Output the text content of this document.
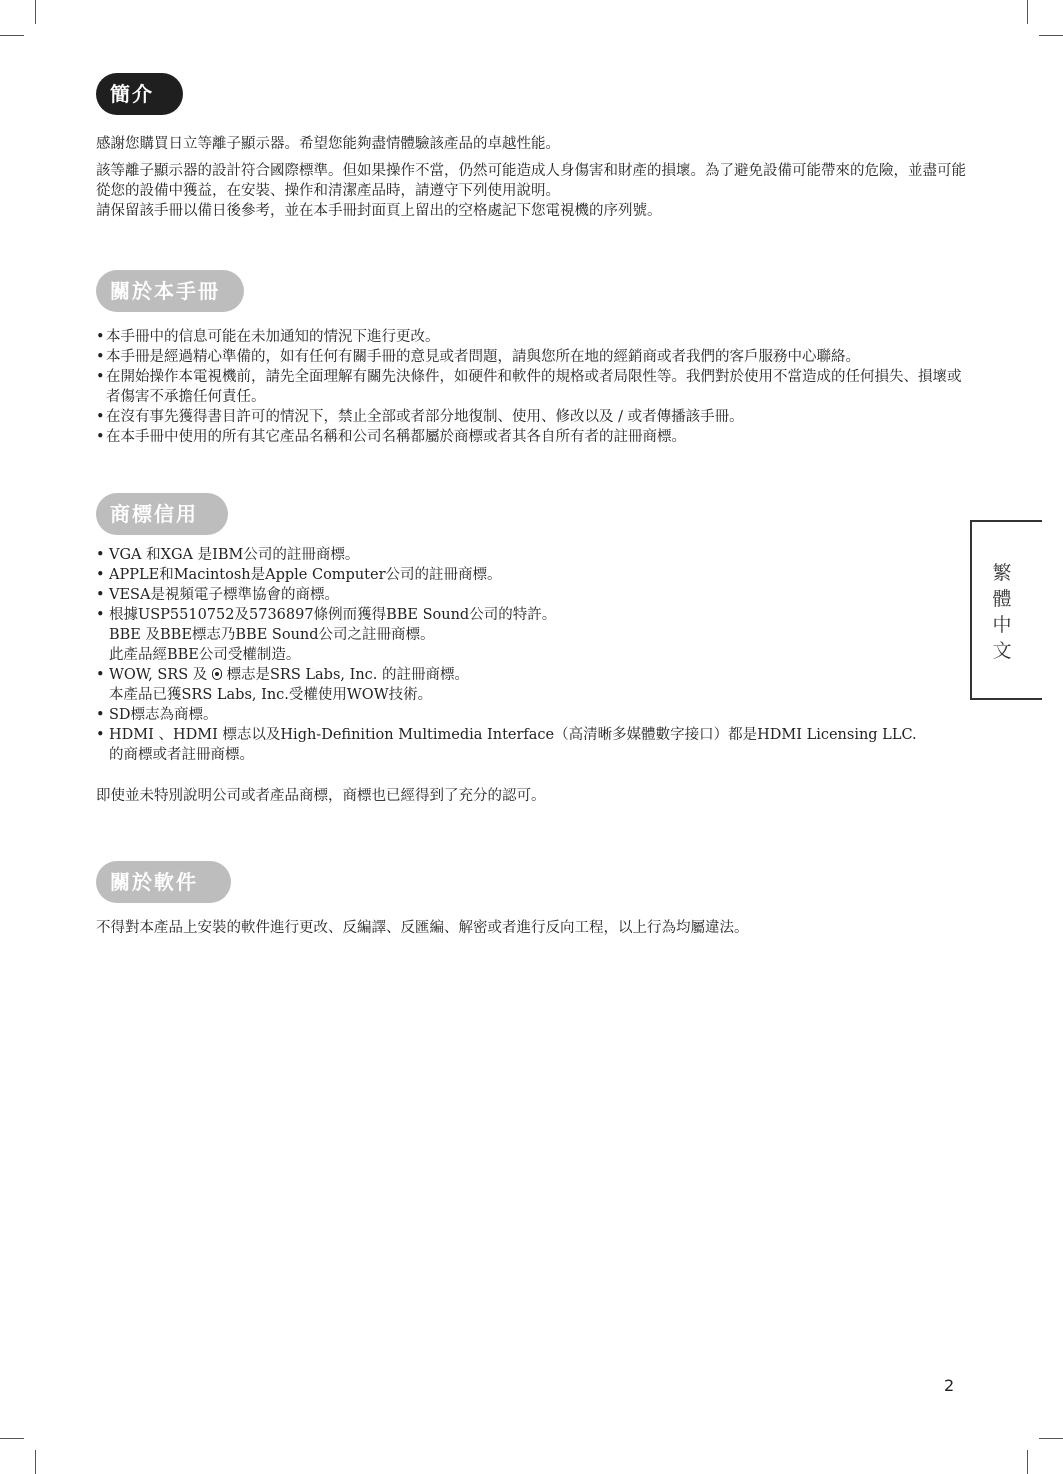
簡介

感謝您購買日立等離子顯示器。希望您能夠盡情體驗該產品的卓越性能。

該等離子顯示器的設計符合國際標準。但如果操作不當，仍然可能造成人身傷害和財產的損壞。為了避免設備可能帶來的危險，並盡可能從您的設備中獲益，在安裝、操作和清潔產品時，請遵守下列使用說明。

請保留該手冊以備日後參考，並在本手冊封面頁上留出的空格處記下您電視機的序列號。

關於本手冊
• 本手冊中的信息可能在未加通知的情況下進行更改。
• 本手冊是經過精心準備的，如有任何有關手冊的意見或者問題，請與您所在地的經銷商或者我們的客戶服務中心聯絡。
• 在開始操作本電視機前，請先全面理解有關先決條件，如硬件和軟件的規格或者局限性等。我們對於使用不當造成的任何損失、損壞或者傷害不承擔任何責任。
• 在沒有事先獲得書目許可的情況下，禁止全部或者部分地復制、使用、修改以及 / 或者傳播該手冊。
• 在本手冊中使用的所有其它產品名稱和公司名稱都屬於商標或者其各自所有者的註冊商標。
商標信用
• VGA 和XGA 是IBM公司的註冊商標。
• APPLE和Macintosh是Apple Computer公司的註冊商標。
• VESA是視頻電子標準協會的商標。
• 根據USP5510752及5736897條例而獲得BBE Sound公司的特許。
BBE 及BBE標志乃BBE Sound公司之註冊商標。
此產品經BBE公司受權制造。
• WOW, SRS 及 標志是SRS Labs, Inc. 的註冊商標。
本產品已獲SRS Labs, Inc.受權使用WOW技術。
• SD標志為商標。
• HDMI 、HDMI 標志以及High-Definition Multimedia Interface（高清晰多媒體數字接口）都是HDMI Licensing LLC.
的商標或者註冊商標。
即使並未特別說明公司或者產品商標，商標也已經得到了充分的認可。
關於軟件
不得對本產品上安裝的軟件進行更改、反編譯、反匯編、解密或者進行反向工程，以上行為均屬違法。
繁
體
中
文
2
